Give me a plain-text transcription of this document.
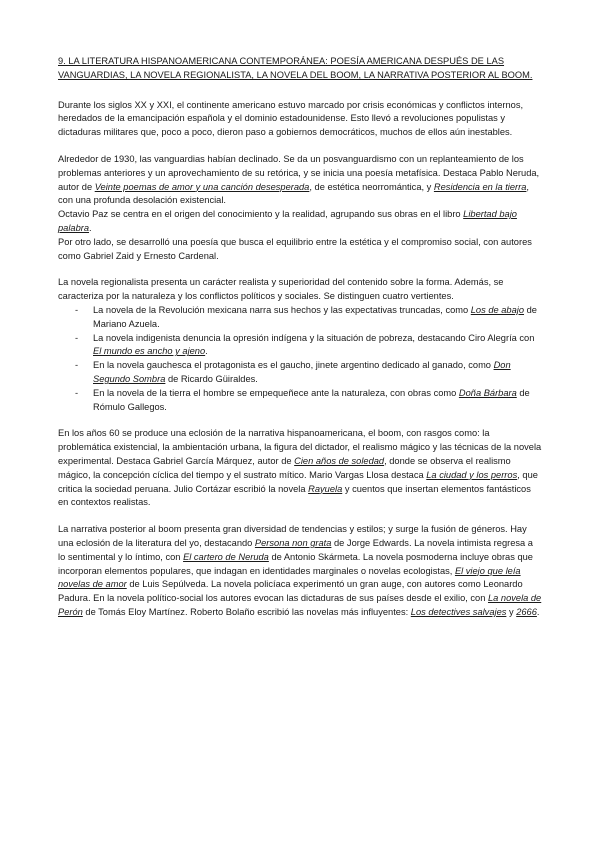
9. LA LITERATURA HISPANOAMERICANA CONTEMPORÁNEA: POESÍA AMERICANA DESPUÉS DE LAS VANGUARDIAS, LA NOVELA REGIONALISTA, LA NOVELA DEL BOOM, LA NARRATIVA POSTERIOR AL BOOM.

Durante los siglos XX y XXI, el continente americano estuvo marcado por crisis económicas y conflictos internos, heredados de la emancipación española y el dominio estadounidense. Esto llevó a revoluciones populistas y dictaduras militares que, poco a poco, dieron paso a gobiernos democráticos, muchos de ellos aún inestables.

Alrededor de 1930, las vanguardias habían declinado. Se da un posvanguardismo con un replanteamiento de los problemas anteriores y un aprovechamiento de su retórica, y se inicia una poesía metafísica. Destaca Pablo Neruda, autor de Veinte poemas de amor y una canción desesperada, de estética neorromántica, y Residencia en la tierra, con una profunda desolación existencial.

Octavio Paz se centra en el origen del conocimiento y la realidad, agrupando sus obras en el libro Libertad bajo palabra.

Por otro lado, se desarrolló una poesía que busca el equilibrio entre la estética y el compromiso social, con autores como Gabriel Zaid y Ernesto Cardenal.

La novela regionalista presenta un carácter realista y superioridad del contenido sobre la forma. Además, se caracteriza por la naturaleza y los conflictos políticos y sociales. Se distinguen cuatro vertientes.

- La novela de la Revolución mexicana narra sus hechos y las expectativas truncadas, como Los de abajo de Mariano Azuela.
- La novela indigenista denuncia la opresión indígena y la situación de pobreza, destacando Ciro Alegría con El mundo es ancho y ajeno.
- En la novela gauchesca el protagonista es el gaucho, jinete argentino dedicado al ganado, como Don Segundo Sombra de Ricardo Güiraldes.
- En la novela de la tierra el hombre se empequeñece ante la naturaleza, con obras como Doña Bárbara de Rómulo Gallegos.

En los años 60 se produce una eclosión de la narrativa hispanoamericana, el boom, con rasgos como: la problemática existencial, la ambientación urbana, la figura del dictador, el realismo mágico y las técnicas de la novela experimental. Destaca Gabriel García Márquez, autor de Cien años de soledad, donde se observa el realismo mágico, la concepción cíclica del tiempo y el sustrato mítico. Mario Vargas Llosa destaca La ciudad y los perros, que critica la sociedad peruana. Julio Cortázar escribió la novela Rayuela y cuentos que insertan elementos fantásticos en contextos realistas.

La narrativa posterior al boom presenta gran diversidad de tendencias y estilos; y surge la fusión de géneros. Hay una eclosión de la literatura del yo, destacando Persona non grata de Jorge Edwards. La novela intimista regresa a lo sentimental y lo íntimo, con El cartero de Neruda de Antonio Skármeta. La novela posmoderna incluye obras que incorporan elementos populares, que indagan en identidades marginales o novelas ecologistas, El viejo que leía novelas de amor de Luis Sepúlveda. La novela policíaca experimentó un gran auge, con autores como Leonardo Padura. En la novela político-social los autores evocan las dictaduras de sus países desde el exilio, con La novela de Perón de Tomás Eloy Martínez. Roberto Bolaño escribió las novelas más influyentes: Los detectives salvajes y 2666.
